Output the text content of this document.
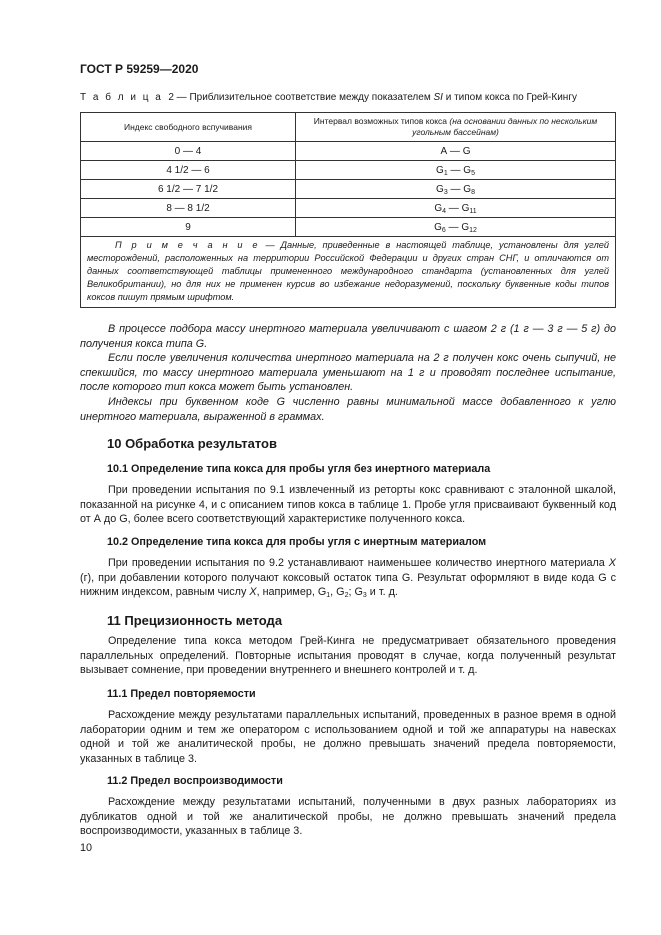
ГОСТ Р 59259—2020
Т а б л и ц а 2 — Приблизительное соответствие между показателем SI и типом кокса по Грей-Кингу
Индекс свободного вспучивания	Интервал возможных типов кокса (на основании данных по нескольким угольным бассейнам)
0 — 4	A — G
4 1/2 — 6	$G_1$ — $G_5$
6 1/2 — 7 1/2	$G_3$ — $G_8$
8 — 8 1/2	$G_4$ — $G_{11}$
9	$G_6$ — $G_{12}$
П р и м е ч а н и е — Данные, приведенные в настоящей таблице, установлены для углей месторождений, расположенных на территории Российской Федерации и других стран СНГ, и отличаются от данных соответствующей таблицы примененного международного стандарта (установленных для углей Великобритании), но для них не применен курсив во избежание недоразумений, поскольку буквенные коды типов коксов пишут прямым шрифтом.	

В процессе подбора массу инертного материала увеличивают с шагом 2 г (1 г — 3 г — 5 г) до получения кокса типа G.

Если после увеличения количества инертного материала на 2 г получен кокс очень сыпучий, не спекшийся, то массу инертного материала уменьшают на 1 г и проводят последнее испытание, после которого тип кокса может быть установлен.

Индексы при буквенном коде G численно равны минимальной массе добавленного к углю инертного материала, выраженной в граммах.

10 Обработка результатов
10.1 Определение типа кокса для пробы угля без инертного материала

При проведении испытания по 9.1 извлеченный из реторты кокс сравнивают с эталонной шкалой, показанной на рисунке 4, и с описанием типов кокса в таблице 1. Пробе угля присваивают буквенный код от А до G, более всего соответствующий характеристике полученного кокса.

10.2 Определение типа кокса для пробы угля с инертным материалом

При проведении испытания по 9.2 устанавливают наименьшее количество инертного материала X (г), при добавлении которого получают коксовый остаток типа G. Результат оформляют в виде кода G с нижним индексом, равным числу X, например, $G_1$, $G_2$; $G_3$ и т. д.

11 Прецизионность метода

Определение типа кокса методом Грей-Кинга не предусматривает обязательного проведения параллельных определений. Повторные испытания проводят в случае, когда полученный результат вызывает сомнение, при проведении внутреннего и внешнего контролей и т. д.

11.1 Предел повторяемости

Расхождение между результатами параллельных испытаний, проведенных в разное время в одной лаборатории одним и тем же оператором с использованием одной и той же аппаратуры на навесках одной и той же аналитической пробы, не должно превышать значений предела повторяемости, указанных в таблице 3.

11.2 Предел воспроизводимости

Расхождение между результатами испытаний, полученными в двух разных лабораториях из дубликатов одной и той же аналитической пробы, не должно превышать значений предела воспроизводимости, указанных в таблице 3.

10
